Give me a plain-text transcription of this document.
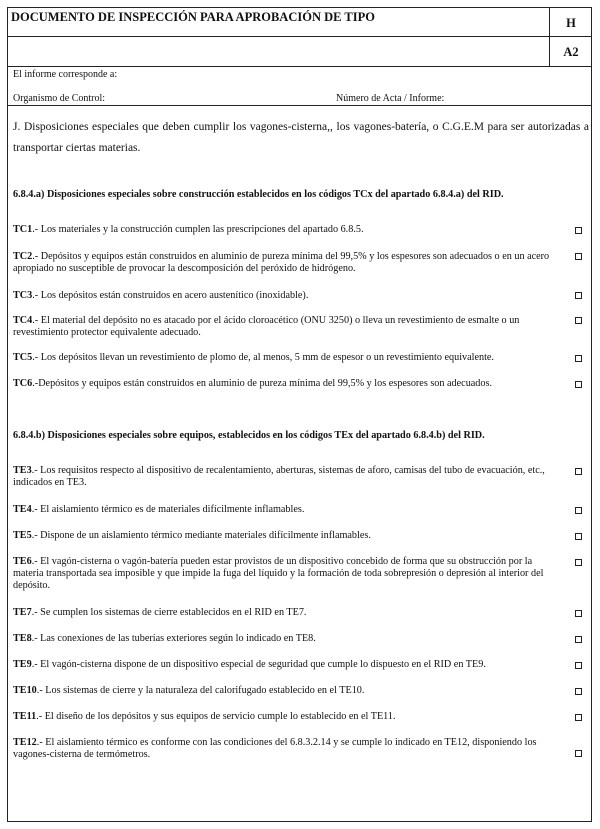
DOCUMENTO DE INSPECCIÓN PARA APROBACIÓN DE TIPO	H
A2
El informe corresponde a:
Organismo de Control:	Número de Acta / Informe:
J. Disposiciones especiales que deben cumplir los vagones-cisterna,, los vagones-batería, o C.G.E.M para ser autorizadas a transportar ciertas materias.
6.8.4.a) Disposiciones especiales sobre construcción establecidos en los códigos TCx del apartado 6.8.4.a) del RID.
TC1.- Los materiales y la construcción cumplen las prescripciones del apartado 6.8.5.
TC2.- Depósitos y equipos están construidos en aluminio de pureza mínima del 99,5% y los espesores son adecuados o en un acero apropiado no susceptible de provocar la descomposición del peróxido de hidrógeno.
TC3.- Los depósitos están construidos en acero austenítico (inoxidable).
TC4.- El material del depósito no es atacado por el ácido cloroacético (ONU 3250) o lleva un revestimiento de esmalte o un revestimiento protector equivalente adecuado.
TC5.- Los depósitos llevan un revestimiento de plomo de, al menos, 5 mm de espesor o un revestimiento equivalente.
TC6.-Depósitos y equipos están construidos en aluminio de pureza mínima del 99,5% y los espesores son adecuados.
6.8.4.b) Disposiciones especiales sobre equipos, establecidos en los códigos TEx del apartado 6.8.4.b) del RID.
TE3.- Los requisitos respecto al dispositivo de recalentamiento, aberturas, sistemas de aforo, camisas del tubo de evacuación, etc., indicados en TE3.
TE4.- El aislamiento térmico es de materiales difícilmente inflamables.
TE5.- Dispone de un aislamiento térmico mediante materiales difícilmente inflamables.
TE6.- El vagón-cisterna o vagón-batería pueden estar provistos de un dispositivo concebido de forma que su obstrucción por la materia transportada sea imposible y que impide la fuga del líquido y la formación de toda sobrepresión o depresión al interior del depósito.
TE7.- Se cumplen los sistemas de cierre establecidos en el RID en TE7.
TE8.- Las conexiones de las tuberías exteriores según lo indicado en TE8.
TE9.- El vagón-cisterna dispone de un dispositivo especial de seguridad que cumple lo dispuesto en el RID en TE9.
TE10.- Los sistemas de cierre y la naturaleza del calorifugado establecido en el TE10.
TE11.- El diseño de los depósitos y sus equipos de servicio cumple lo establecido en el TE11.
TE12.- El aislamiento térmico es conforme con las condiciones del 6.8.3.2.14 y se cumple lo indicado en TE12, disponiendo los vagones-cisterna de termómetros.
